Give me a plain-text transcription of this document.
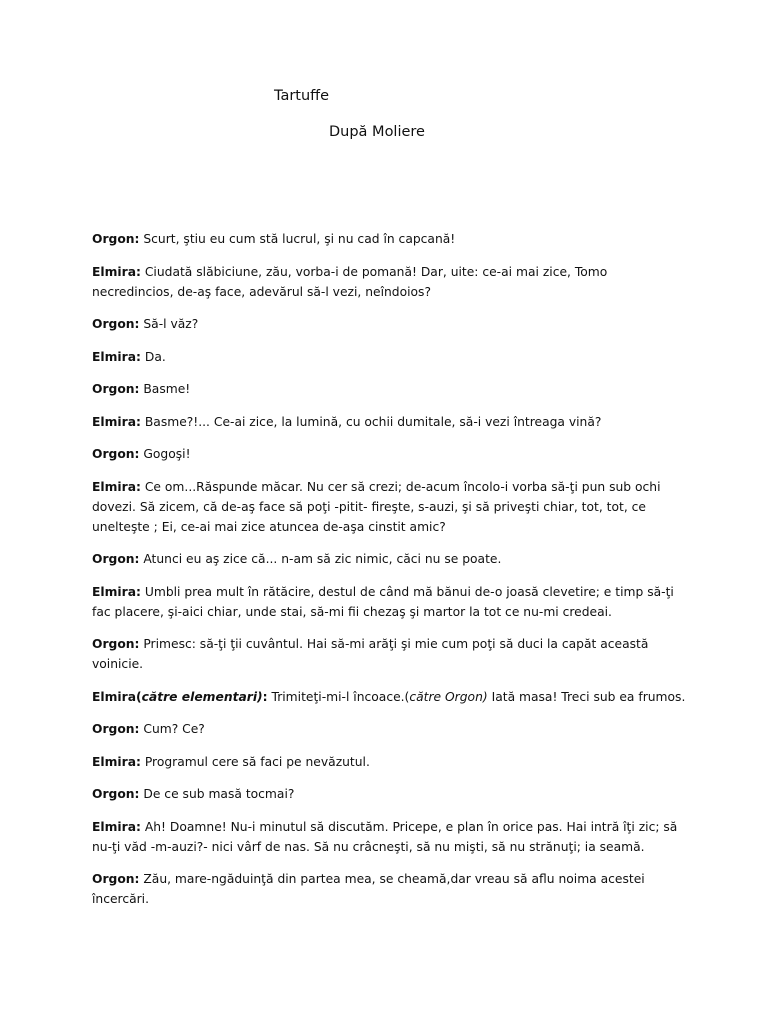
Tartuffe
După Moliere

Orgon: Scurt, ştiu eu cum stă lucrul, şi nu cad în capcană!

Elmira: Ciudată slăbiciune, zău, vorba-i de pomană! Dar, uite: ce-ai mai zice, Tomo necredincios, de-aş face, adevărul să-l vezi, neîndoios?

Orgon: Să-l văz?

Elmira: Da.

Orgon: Basme!

Elmira: Basme?!... Ce-ai zice, la lumină, cu ochii dumitale, să-i vezi întreaga vină?

Orgon: Gogoşi!

Elmira: Ce om...Răspunde măcar. Nu cer să crezi; de-acum încolo-i vorba să-ţi pun sub ochi dovezi. Să zicem, că de-aş face să poţi -pitit- fireşte, s-auzi, şi să priveşti chiar, tot, tot, ce unelteşte ; Ei, ce-ai mai zice atuncea de-aşa cinstit amic?

Orgon: Atunci eu aş zice că... n-am să zic nimic, căci nu se poate.

Elmira: Umbli prea mult în rătăcire, destul de când mă bănui de-o joasă clevetire; e timp să-ţi fac placere, şi-aici chiar, unde stai, să-mi fii chezaş şi martor la tot ce nu-mi credeai.

Orgon: Primesc: să-ţi ţii cuvântul. Hai să-mi arăţi şi mie cum poţi să duci la capăt această voinicie.

Elmira(către elementari): Trimiteţi-mi-l încoace.(către Orgon) Iată masa! Treci sub ea frumos.

Orgon: Cum? Ce?

Elmira: Programul cere să faci pe nevăzutul.

Orgon: De ce sub masă tocmai?

Elmira: Ah! Doamne! Nu-i minutul să discutăm. Pricepe, e plan în orice pas. Hai intră îţi zic; să nu-ţi văd -m-auzi?- nici vârf de nas. Să nu crâcneşti, să nu mişti, să nu strănuţi; ia seamă.

Orgon: Zău, mare-ngăduinţă din partea mea, se cheamă,dar vreau să aflu noima acestei încercări.
